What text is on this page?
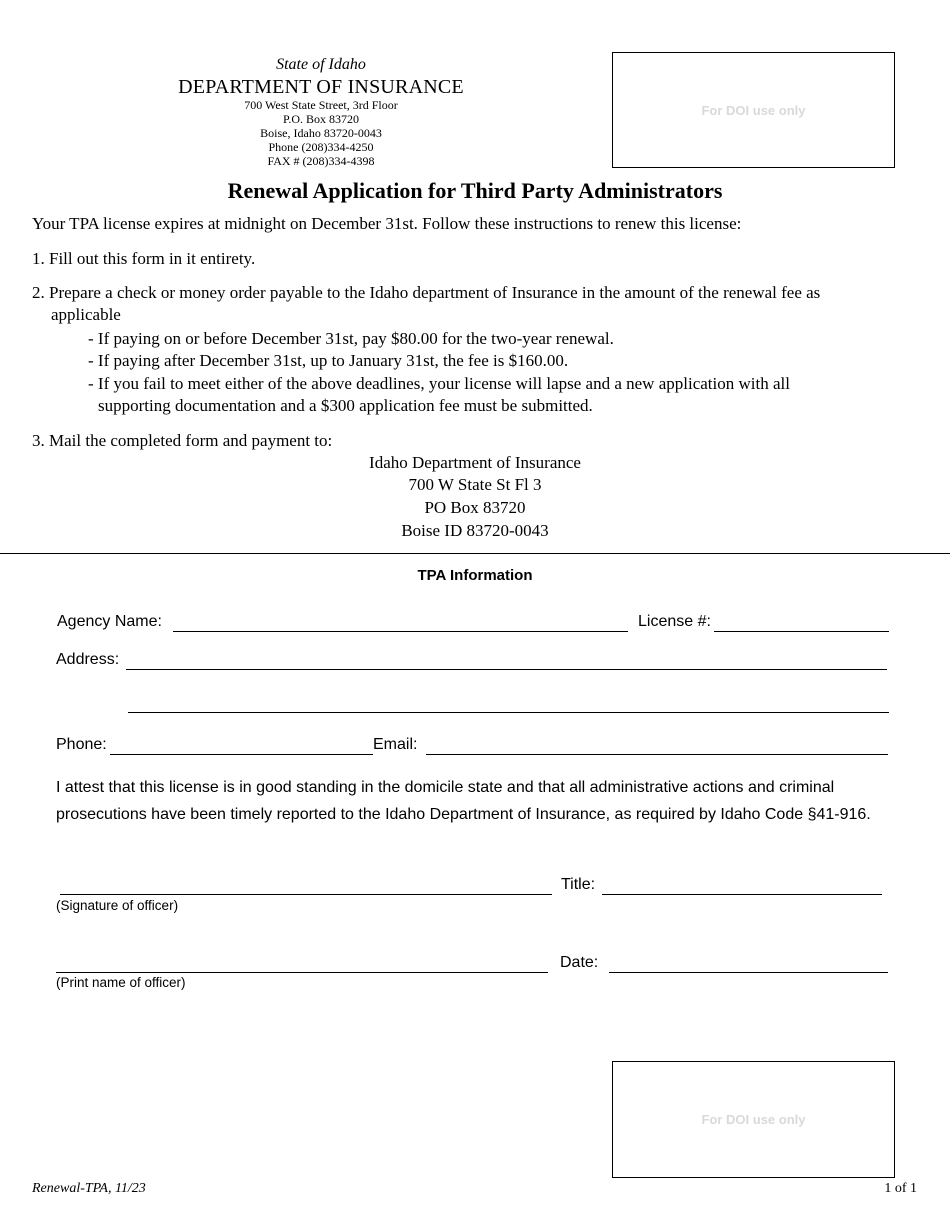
State of Idaho
DEPARTMENT OF INSURANCE
700 West State Street, 3rd Floor
P.O. Box 83720
Boise, Idaho 83720-0043
Phone (208)334-4250
FAX # (208)334-4398
For DOI use only
Renewal Application for Third Party Administrators
Your TPA license expires at midnight on December 31st. Follow these instructions to renew this license:
1. Fill out this form in it entirety.
2. Prepare a check or money order payable to the Idaho department of Insurance in the amount of the renewal fee as
applicable
- If paying on or before December 31st, pay $80.00 for the two-year renewal.
- If paying after December 31st, up to January 31st, the fee is $160.00.
- If you fail to meet either of the above deadlines, your license will lapse and a new application with all
supporting documentation and a $300 application fee must be submitted.
3. Mail the completed form and payment to:
Idaho Department of Insurance
700 W State St Fl 3
PO Box 83720
Boise ID 83720-0043
TPA Information
Agency Name:	License #:
Address:
Phone:	Email:
I attest that this license is in good standing in the domicile state and that all administrative actions and criminal prosecutions have been timely reported to the Idaho Department of Insurance, as required by Idaho Code §41-916.
Title:
(Signature of officer)
Date:
(Print name of officer)
For DOI use only
Renewal-TPA, 11/23	1 of 1
